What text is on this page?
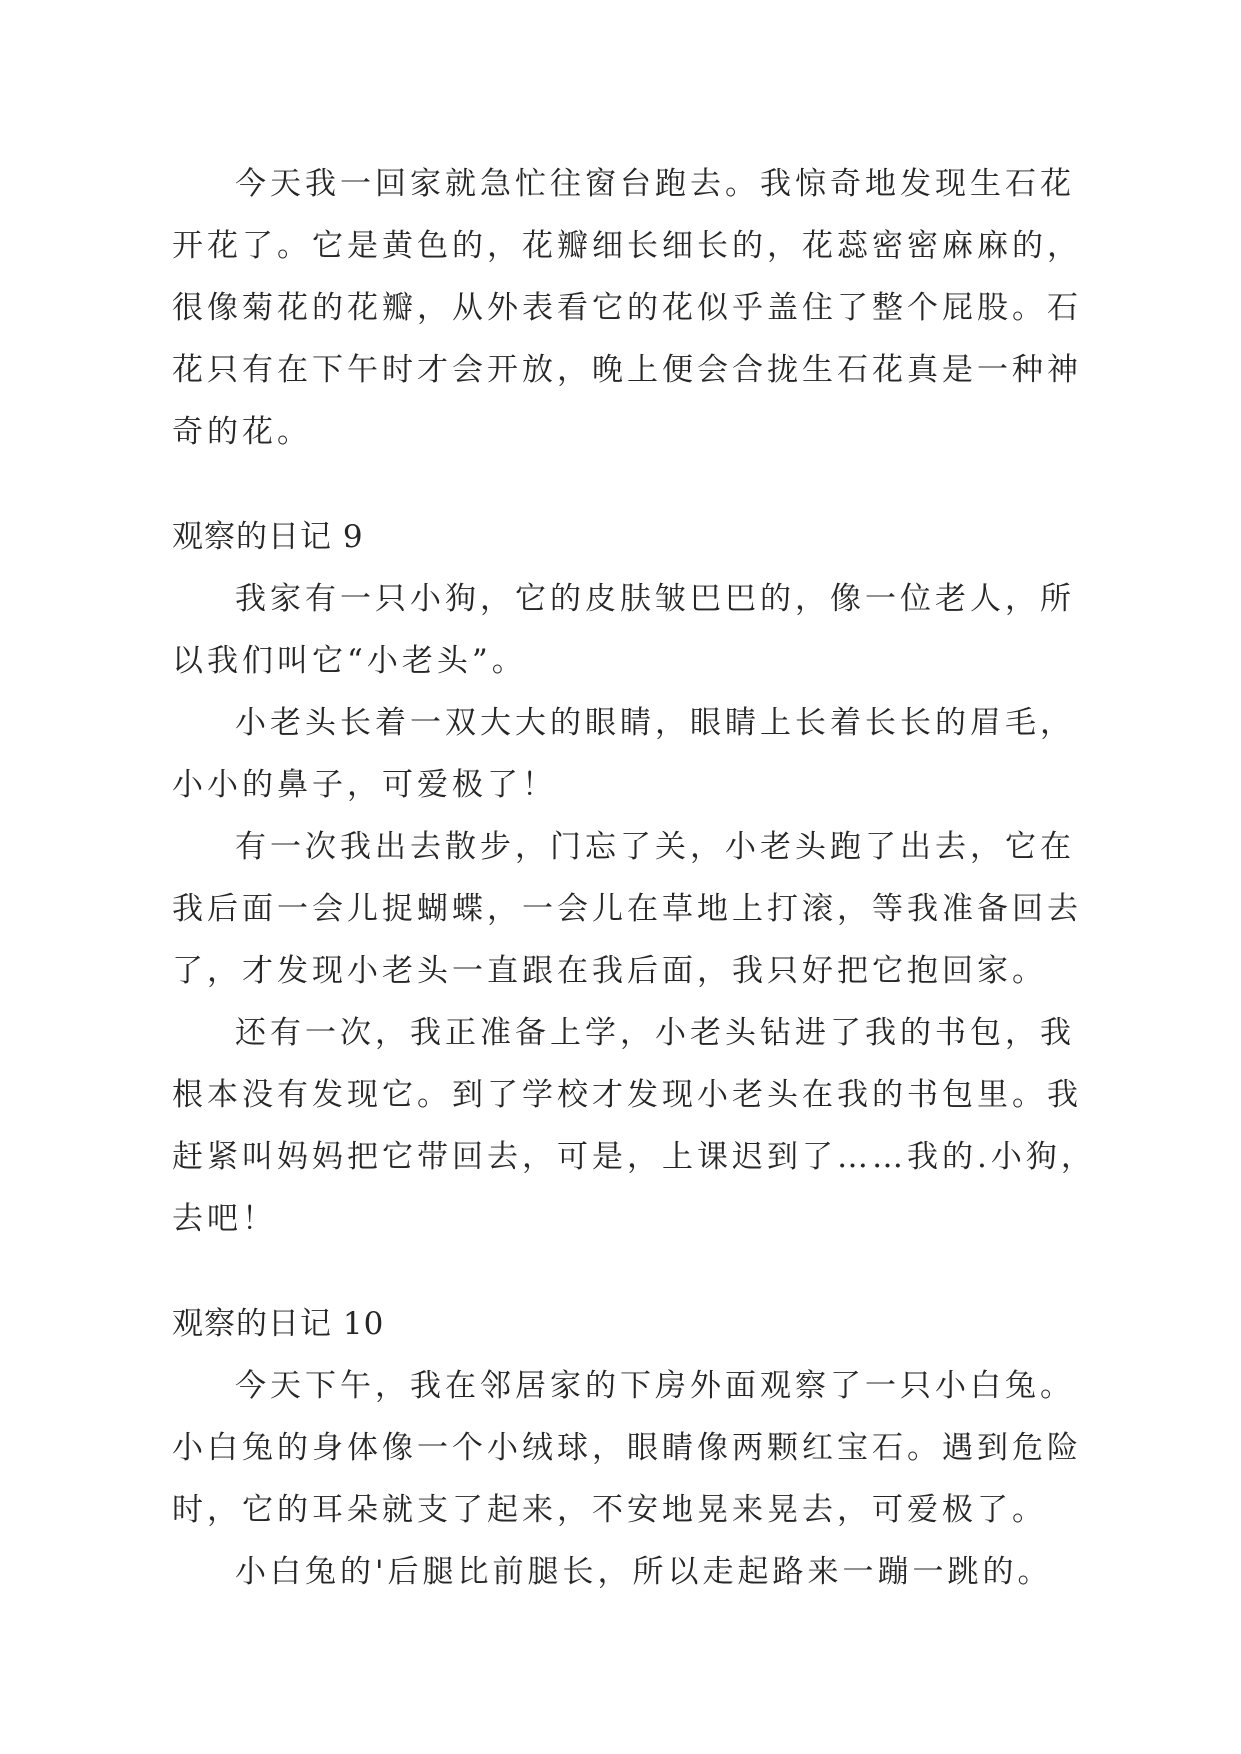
今天我一回家就急忙往窗台跑去。我惊奇地发现生石花
开花了。它是黄色的，花瓣细长细长的，花蕊密密麻麻的，
很像菊花的花瓣，从外表看它的花似乎盖住了整个屁股。石
花只有在下午时才会开放，晚上便会合拢生石花真是一种神
奇的花。
观察的日记 9
我家有一只小狗，它的皮肤皱巴巴的，像一位老人，所
以我们叫它“小老头”。
小老头长着一双大大的眼睛，眼睛上长着长长的眉毛，
小小的鼻子，可爱极了！
有一次我出去散步，门忘了关，小老头跑了出去，它在
我后面一会儿捉蝴蝶，一会儿在草地上打滚，等我准备回去
了，才发现小老头一直跟在我后面，我只好把它抱回家。
还有一次，我正准备上学，小老头钻进了我的书包，我
根本没有发现它。到了学校才发现小老头在我的书包里。我
赶紧叫妈妈把它带回去，可是，上课迟到了……我的.小狗，
去吧！
观察的日记 10
今天下午，我在邻居家的下房外面观察了一只小白兔。
小白兔的身体像一个小绒球，眼睛像两颗红宝石。遇到危险
时，它的耳朵就支了起来，不安地晃来晃去，可爱极了。
小白兔的'后腿比前腿长，所以走起路来一蹦一跳的。
